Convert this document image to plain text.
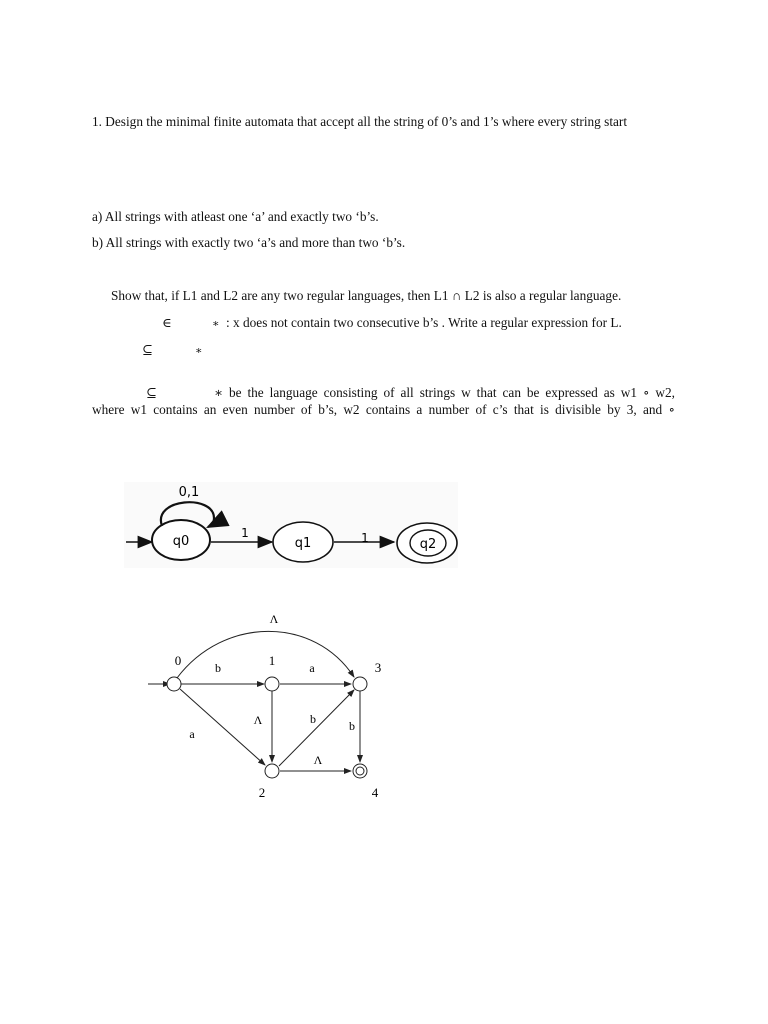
1. Design the minimal finite automata that accept all the string of 0’s and 1’s where every string start
a) All strings with atleast one ‘a’ and exactly two ‘b’s.
b) All strings with exactly two ‘a’s and more than two ‘b’s.
Show that, if L1 and L2 are any two regular languages, then L1 ∩ L2 is also a regular language.
∈	∗ : x does not contain two consecutive b’s . Write a regular expression for L.
⊆	∗
⊆	∗ be the language consisting of all strings w that can be expressed as w1 ∘ w2,
where w1 contains an even number of b’s, w2 contains a number of c’s that is divisible by 3, and ∘
q0
0,1
1
q1	1	q2
b	a
a
Λ	b	b
Λ
Λ
0	1
2
3
4
